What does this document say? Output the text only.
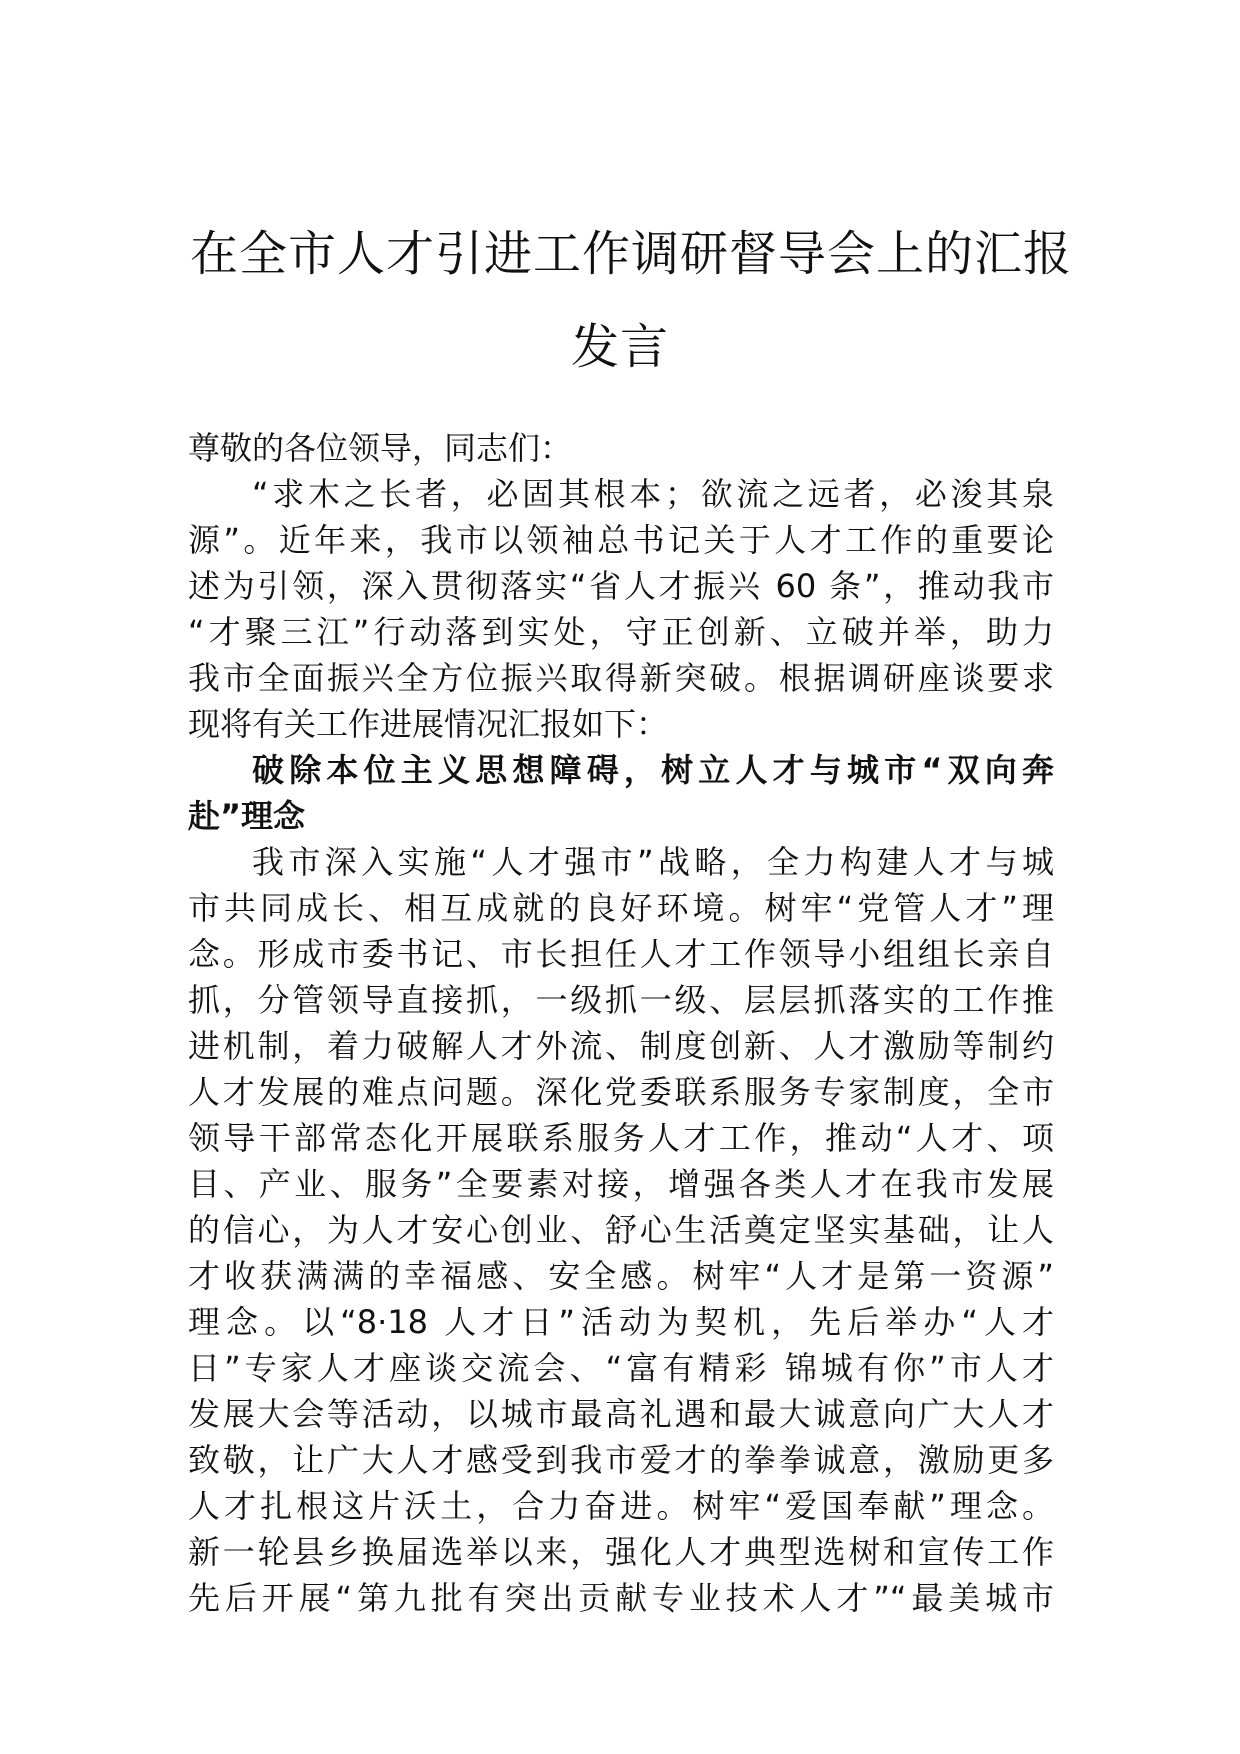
在全市人才引进工作调研督导会上的汇报
发言
尊敬的各位领导，同志们：
“求木之长者，必固其根本；欲流之远者，必浚其泉
源”。近年来，我市以领袖总书记关于人才工作的重要论
述为引领，深入贯彻落实“省人才振兴 60 条”，推动我市
“才聚三江”行动落到实处，守正创新、立破并举，助力
我市全面振兴全方位振兴取得新突破。根据调研座谈要求
现将有关工作进展情况汇报如下：
破除本位主义思想障碍，树立人才与城市“双向奔
赴”理念
我市深入实施“人才强市”战略，全力构建人才与城
市共同成长、相互成就的良好环境。树牢“党管人才”理
念。形成市委书记、市长担任人才工作领导小组组长亲自
抓，分管领导直接抓，一级抓一级、层层抓落实的工作推
进机制，着力破解人才外流、制度创新、人才激励等制约
人才发展的难点问题。深化党委联系服务专家制度，全市
领导干部常态化开展联系服务人才工作，推动“人才、项
目、产业、服务”全要素对接，增强各类人才在我市发展
的信心，为人才安心创业、舒心生活奠定坚实基础，让人
才收获满满的幸福感、安全感。树牢“人才是第一资源”
理念。以“8·18 人才日”活动为契机，先后举办“人才
日”专家人才座谈交流会、“富有精彩 锦城有你”市人才
发展大会等活动，以城市最高礼遇和最大诚意向广大人才
致敬，让广大人才感受到我市爱才的拳拳诚意，激励更多
人才扎根这片沃土，合力奋进。树牢“爱国奉献”理念。
新一轮县乡换届选举以来，强化人才典型选树和宣传工作
先后开展“第九批有突出贡献专业技术人才”“最美城市
